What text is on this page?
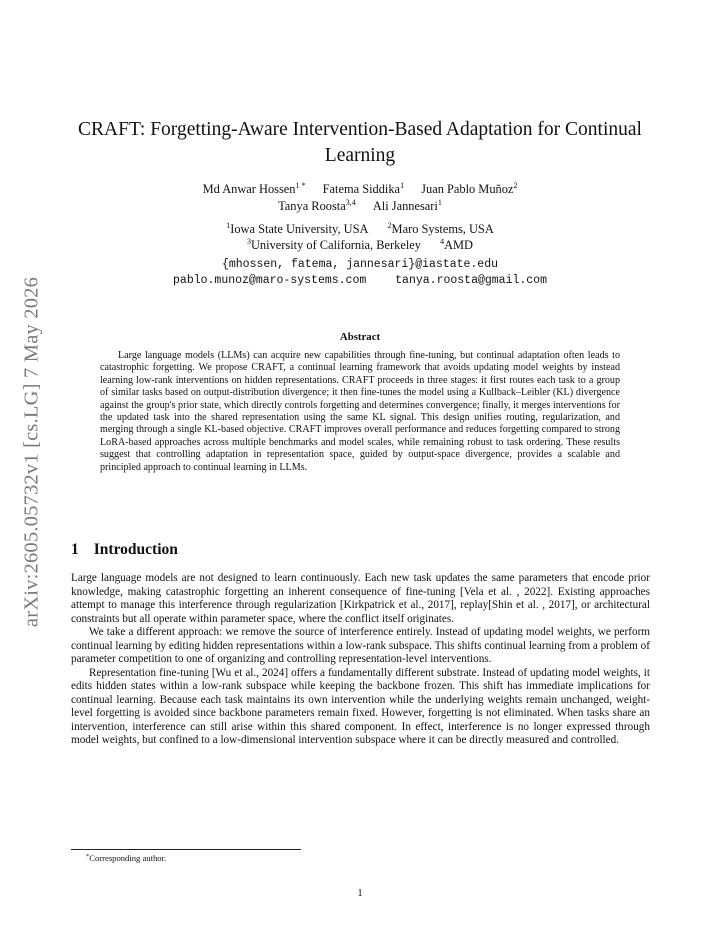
arXiv:2605.05732v1 [cs.LG] 7 May 2026
CRAFT: Forgetting-Aware Intervention-Based Adaptation for Continual Learning
Md Anwar Hossen$^{1 *}$ Fatema Siddika$^1$ Juan Pablo Muñoz$^2$
Tanya Roosta$^{3,4}$ Ali Jannesari$^1$
$^1$Iowa State University, USA $^2$Maro Systems, USA
$^3$University of California, Berkeley $^4$AMD
{mhossen, fatema, jannesari}@iastate.edu
pablo.munoz@maro-systems.com	tanya.roosta@gmail.com
Abstract

Large language models (LLMs) can acquire new capabilities through fine-tuning, but continual adaptation often leads to catastrophic forgetting. We propose CRAFT, a continual learning framework that avoids updating model weights by instead learning low-rank interventions on hidden representations. CRAFT proceeds in three stages: it first routes each task to a group of similar tasks based on output-distribution divergence; it then fine-tunes the model using a Kullback–Leibler (KL) divergence against the group's prior state, which directly controls forgetting and determines convergence; finally, it merges interventions for the updated task into the shared representation using the same KL signal. This design unifies routing, regularization, and merging through a single KL-based objective. CRAFT improves overall performance and reduces forgetting compared to strong LoRA-based approaches across multiple benchmarks and model scales, while remaining robust to task ordering. These results suggest that controlling adaptation in representation space, guided by output-space divergence, provides a scalable and principled approach to continual learning in LLMs.

1 Introduction

Large language models are not designed to learn continuously. Each new task updates the same parameters that encode prior knowledge, making catastrophic forgetting an inherent consequence of fine-tuning [Vela et al. , 2022]. Existing approaches attempt to manage this interference through regularization [Kirkpatrick et al., 2017], replay[Shin et al. , 2017], or architectural constraints but all operate within parameter space, where the conflict itself originates.

We take a different approach: we remove the source of interference entirely. Instead of updating model weights, we perform continual learning by editing hidden representations within a low-rank subspace. This shifts continual learning from a problem of parameter competition to one of organizing and controlling representation-level interventions.

Representation fine-tuning [Wu et al., 2024] offers a fundamentally different substrate. Instead of updating model weights, it edits hidden states within a low-rank subspace while keeping the backbone frozen. This shift has immediate implications for continual learning. Because each task maintains its own intervention while the underlying weights remain unchanged, weight-level forgetting is avoided since backbone parameters remain fixed. However, forgetting is not eliminated. When tasks share an intervention, interference can still arise within this shared component. In effect, interference is no longer expressed through model weights, but confined to a low-dimensional intervention subspace where it can be directly measured and controlled.

*Corresponding author.
1
